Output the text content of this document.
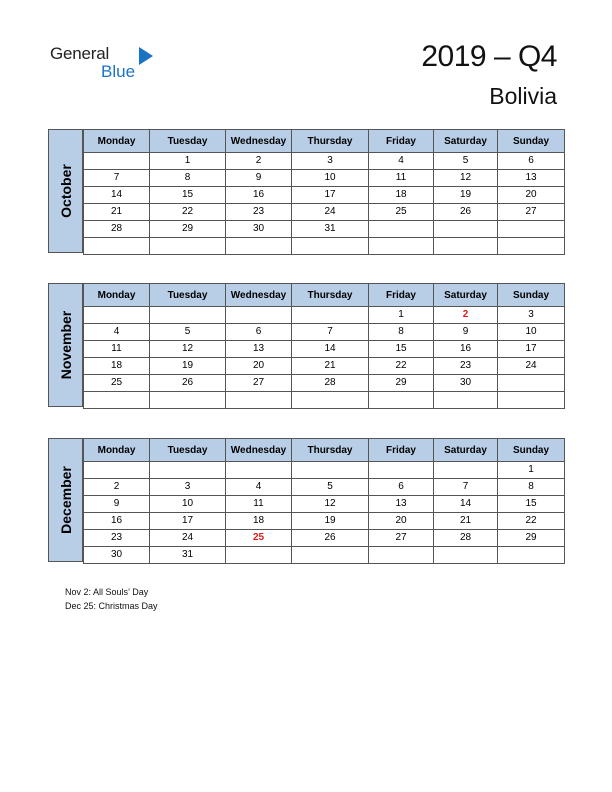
General
Blue	2019 – Q4
Bolivia
October
Monday	Tuesday	Wednesday	Thursday	Friday	Saturday	Sunday
	1	2	3	4	5	6
7	8	9	10	11	12	13
14	15	16	17	18	19	20
21	22	23	24	25	26	27
28	29	30	31			

November
Monday	Tuesday	Wednesday	Thursday	Friday	Saturday	Sunday
				1	2	3
4	5	6	7	8	9	10
11	12	13	14	15	16	17
18	19	20	21	22	23	24
25	26	27	28	29	30	

December
Monday	Tuesday	Wednesday	Thursday	Friday	Saturday	Sunday
						1
2	3	4	5	6	7	8
9	10	11	12	13	14	15
16	17	18	19	20	21	22
23	24	25	26	27	28	29
30	31					
Nov 2: All Souls’ Day
Dec 25: Christmas Day
